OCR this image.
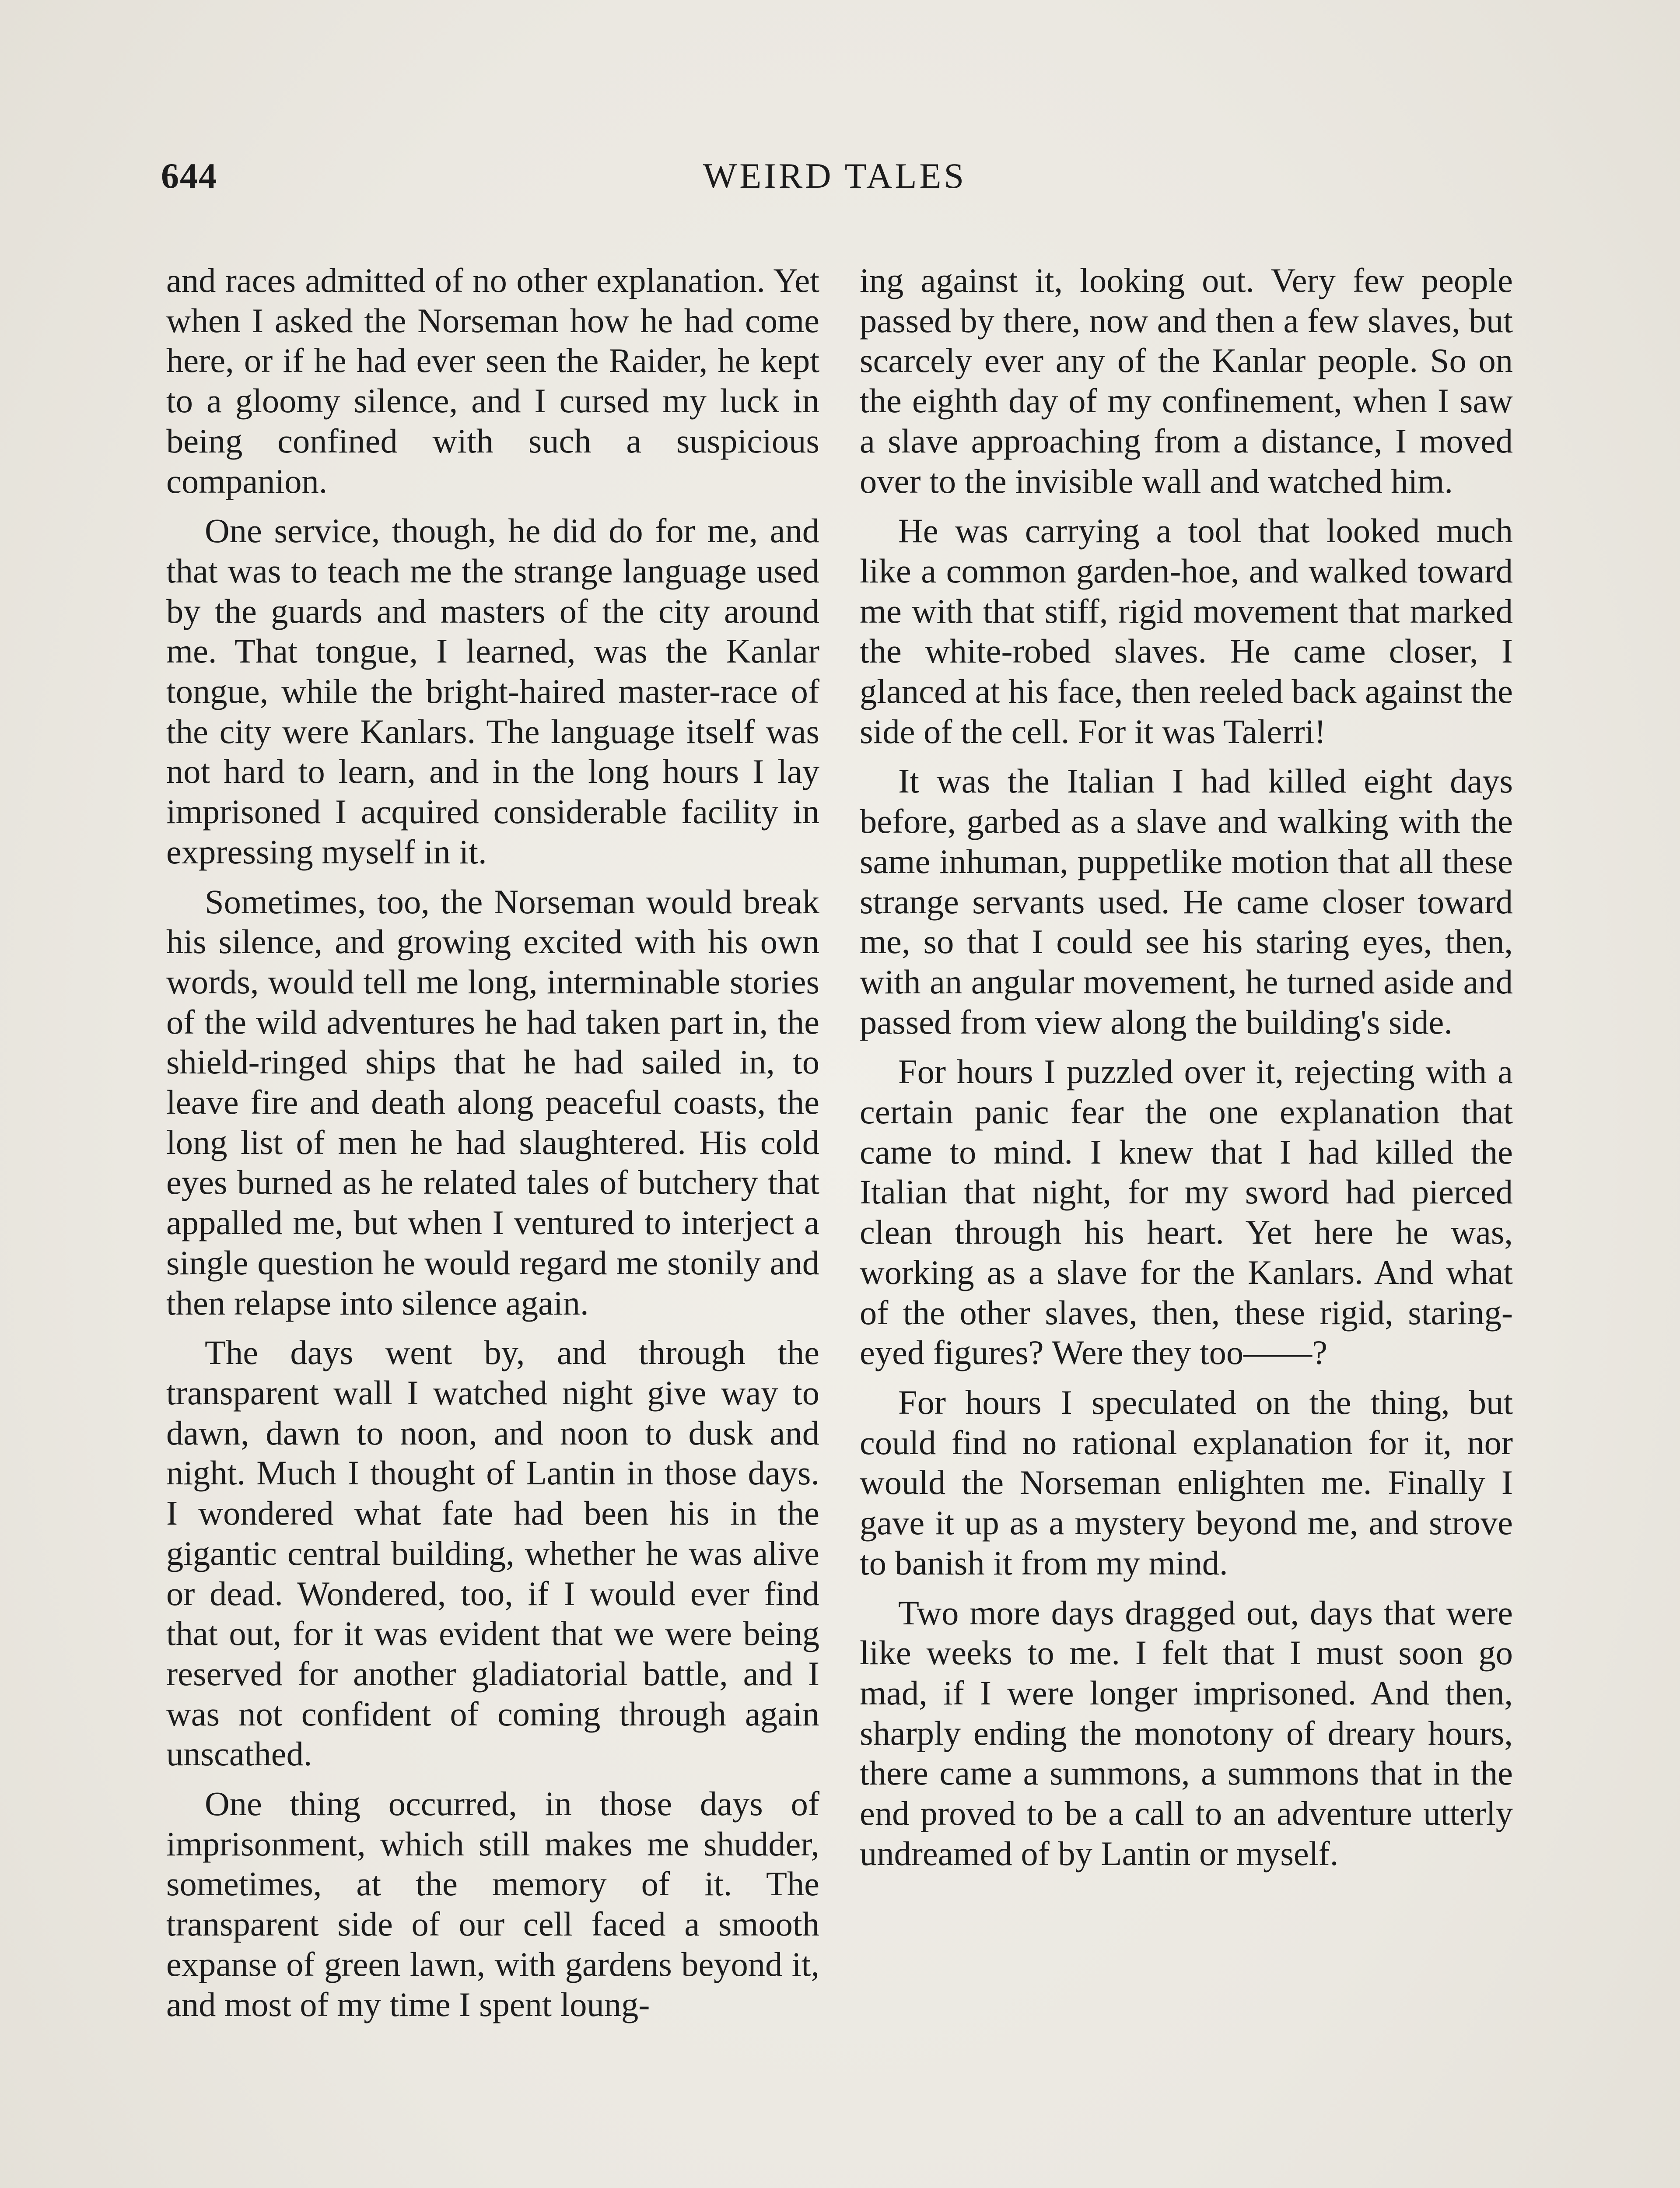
644	WEIRD TALES

and races admitted of no other explanation. Yet when I asked the Norseman how he had come here, or if he had ever seen the Raider, he kept to a gloomy silence, and I cursed my luck in being confined with such a suspicious companion.

One service, though, he did do for me, and that was to teach me the strange language used by the guards and masters of the city around me. That tongue, I learned, was the Kanlar tongue, while the bright-haired master-race of the city were Kanlars. The language itself was not hard to learn, and in the long hours I lay imprisoned I acquired considerable facility in expressing myself in it.

Sometimes, too, the Norseman would break his silence, and growing excited with his own words, would tell me long, interminable stories of the wild adventures he had taken part in, the shield-ringed ships that he had sailed in, to leave fire and death along peaceful coasts, the long list of men he had slaughtered. His cold eyes burned as he related tales of butchery that appalled me, but when I ventured to interject a single question he would regard me stonily and then relapse into silence again.

The days went by, and through the transparent wall I watched night give way to dawn, dawn to noon, and noon to dusk and night. Much I thought of Lantin in those days. I wondered what fate had been his in the gigantic central building, whether he was alive or dead. Wondered, too, if I would ever find that out, for it was evident that we were being reserved for another gladiatorial battle, and I was not confident of coming through again unscathed.

One thing occurred, in those days of imprisonment, which still makes me shudder, sometimes, at the memory of it. The transparent side of our cell faced a smooth expanse of green lawn, with gardens beyond it, and most of my time I spent loung-

ing against it, looking out. Very few people passed by there, now and then a few slaves, but scarcely ever any of the Kanlar people. So on the eighth day of my confinement, when I saw a slave approaching from a distance, I moved over to the invisible wall and watched him.

He was carrying a tool that looked much like a common garden-hoe, and walked toward me with that stiff, rigid movement that marked the white-robed slaves. He came closer, I glanced at his face, then reeled back against the side of the cell. For it was Talerri!

It was the Italian I had killed eight days before, garbed as a slave and walking with the same inhuman, puppetlike motion that all these strange servants used. He came closer toward me, so that I could see his staring eyes, then, with an angular movement, he turned aside and passed from view along the building's side.

For hours I puzzled over it, rejecting with a certain panic fear the one explanation that came to mind. I knew that I had killed the Italian that night, for my sword had pierced clean through his heart. Yet here he was, working as a slave for the Kanlars. And what of the other slaves, then, these rigid, staring-eyed figures? Were they too——?

For hours I speculated on the thing, but could find no rational explanation for it, nor would the Norseman enlighten me. Finally I gave it up as a mystery beyond me, and strove to banish it from my mind.

Two more days dragged out, days that were like weeks to me. I felt that I must soon go mad, if I were longer imprisoned. And then, sharply ending the monotony of dreary hours, there came a summons, a summons that in the end proved to be a call to an adventure utterly undreamed of by Lantin or myself.
